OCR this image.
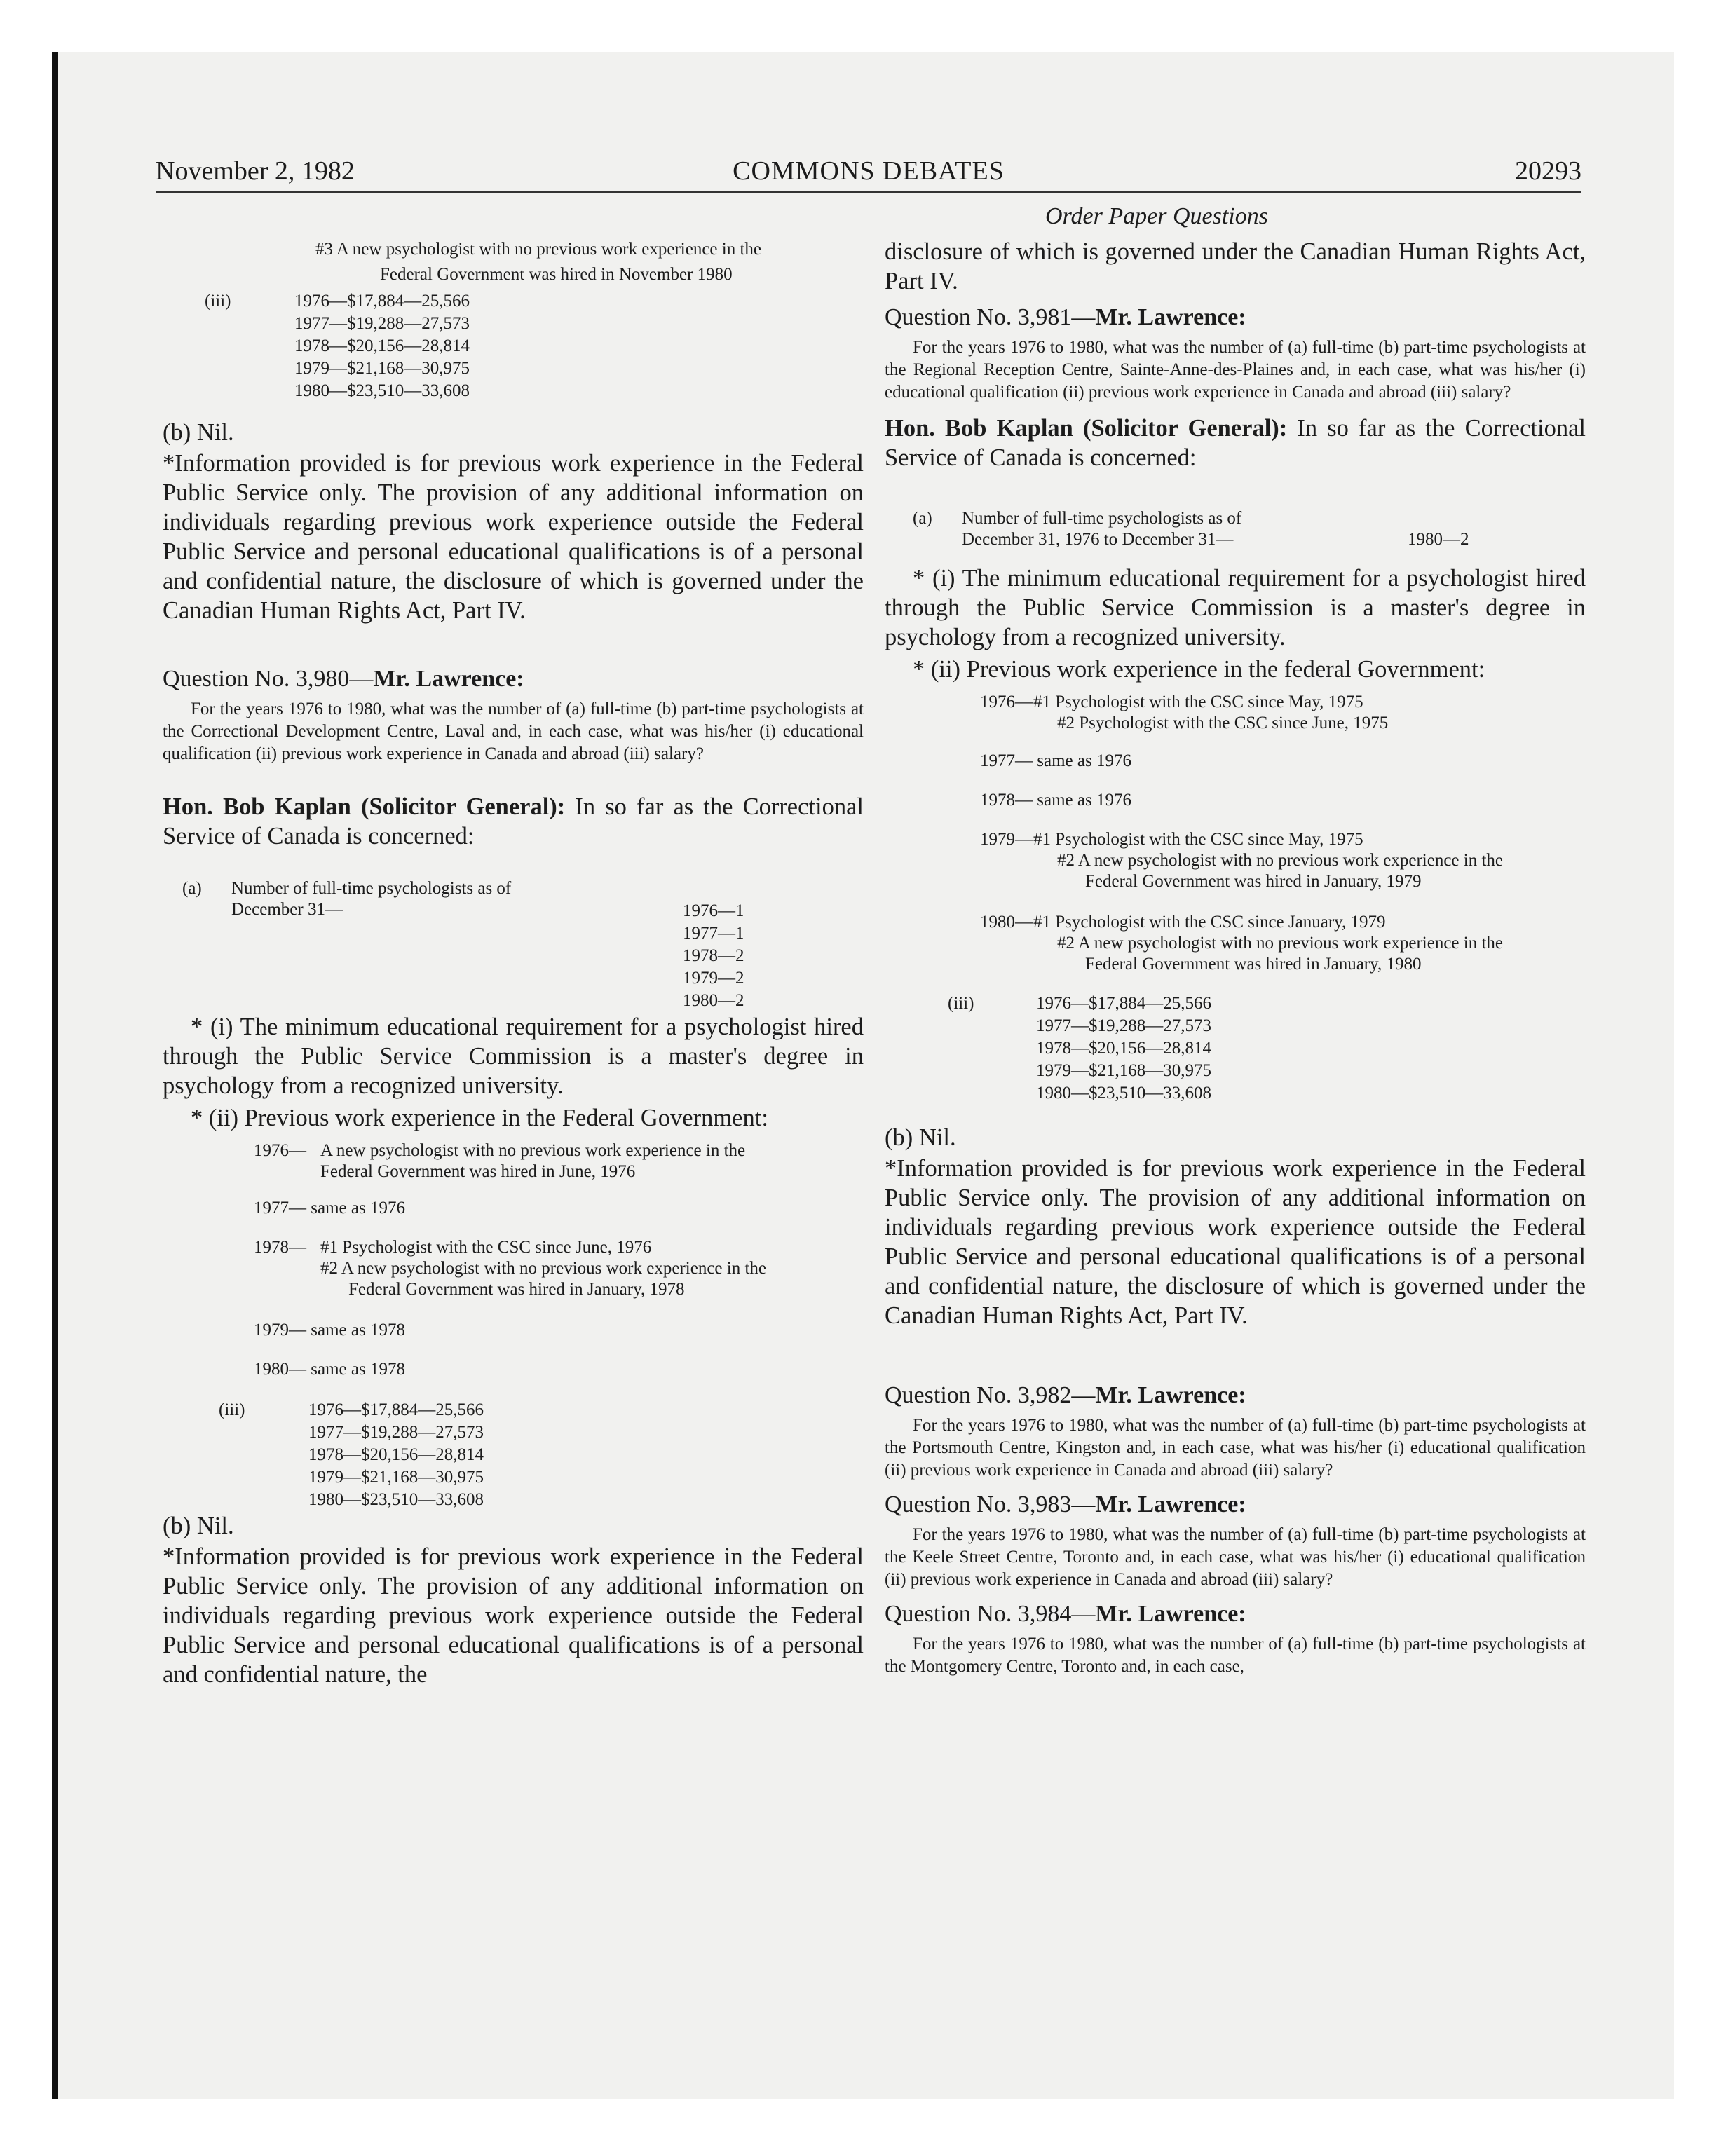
November 2, 1982	COMMONS DEBATES	20293
Order Paper Questions
#3 A new psychologist with no previous work experience in the
Federal Government was hired in November 1980
(iii)	1976—$17,884—25,566
1977—$19,288—27,573
1978—$20,156—28,814
1979—$21,168—30,975
1980—$23,510—33,608

(b) Nil.

*Information provided is for previous work experience in the Federal Public Service only. The provision of any additional information on individuals regarding previous work experience outside the Federal Public Service and personal educational qualifications is of a personal and confidential nature, the disclosure of which is governed under the Canadian Human Rights Act, Part IV.

Question No. 3,980—Mr. Lawrence:

For the years 1976 to 1980, what was the number of (a) full-time (b) part-time psychologists at the Correctional Development Centre, Laval and, in each case, what was his/her (i) educational qualification (ii) previous work experience in Canada and abroad (iii) salary?

Hon. Bob Kaplan (Solicitor General): In so far as the Correctional Service of Canada is concerned:

(a) Number of full-time psychologists as of
December 31—	1976—1
1977—1
1978—2
1979—2
1980—2

* (i) The minimum educational requirement for a psychologist hired through the Public Service Commission is a master's degree in psychology from a recognized university.

* (ii) Previous work experience in the Federal Government:

1976— A new psychologist with no previous work experience in the
Federal Government was hired in June, 1976
1977— same as 1976
1978— #1 Psychologist with the CSC since June, 1976
#2 A new psychologist with no previous work experience in the
Federal Government was hired in January, 1978
1979— same as 1978
1980— same as 1978
(iii)	1976—$17,884—25,566
1977—$19,288—27,573
1978—$20,156—28,814
1979—$21,168—30,975
1980—$23,510—33,608

(b) Nil.

*Information provided is for previous work experience in the Federal Public Service only. The provision of any additional information on individuals regarding previous work experience outside the Federal Public Service and personal educational qualifications is of a personal and confidential nature, the

disclosure of which is governed under the Canadian Human Rights Act, Part IV.

Question No. 3,981—Mr. Lawrence:

For the years 1976 to 1980, what was the number of (a) full-time (b) part-time psychologists at the Regional Reception Centre, Sainte-Anne-des-Plaines and, in each case, what was his/her (i) educational qualification (ii) previous work experience in Canada and abroad (iii) salary?

Hon. Bob Kaplan (Solicitor General): In so far as the Correctional Service of Canada is concerned:

(a) Number of full-time psychologists as of
December 31, 1976 to December 31—	1980—2

* (i) The minimum educational requirement for a psychologist hired through the Public Service Commission is a master's degree in psychology from a recognized university.

* (ii) Previous work experience in the federal Government:

1976— #1 Psychologist with the CSC since May, 1975
#2 Psychologist with the CSC since June, 1975
1977— same as 1976
1978— same as 1976
1979— #1 Psychologist with the CSC since May, 1975
#2 A new psychologist with no previous work experience in the
Federal Government was hired in January, 1979
1980— #1 Psychologist with the CSC since January, 1979
#2 A new psychologist with no previous work experience in the
Federal Government was hired in January, 1980
(iii)	1976—$17,884—25,566
1977—$19,288—27,573
1978—$20,156—28,814
1979—$21,168—30,975
1980—$23,510—33,608

(b) Nil.

*Information provided is for previous work experience in the Federal Public Service only. The provision of any additional information on individuals regarding previous work experience outside the Federal Public Service and personal educational qualifications is of a personal and confidential nature, the disclosure of which is governed under the Canadian Human Rights Act, Part IV.

Question No. 3,982—Mr. Lawrence:

For the years 1976 to 1980, what was the number of (a) full-time (b) part-time psychologists at the Portsmouth Centre, Kingston and, in each case, what was his/her (i) educational qualification (ii) previous work experience in Canada and abroad (iii) salary?

Question No. 3,983—Mr. Lawrence:

For the years 1976 to 1980, what was the number of (a) full-time (b) part-time psychologists at the Keele Street Centre, Toronto and, in each case, what was his/her (i) educational qualification (ii) previous work experience in Canada and abroad (iii) salary?

Question No. 3,984—Mr. Lawrence:

For the years 1976 to 1980, what was the number of (a) full-time (b) part-time psychologists at the Montgomery Centre, Toronto and, in each case,
